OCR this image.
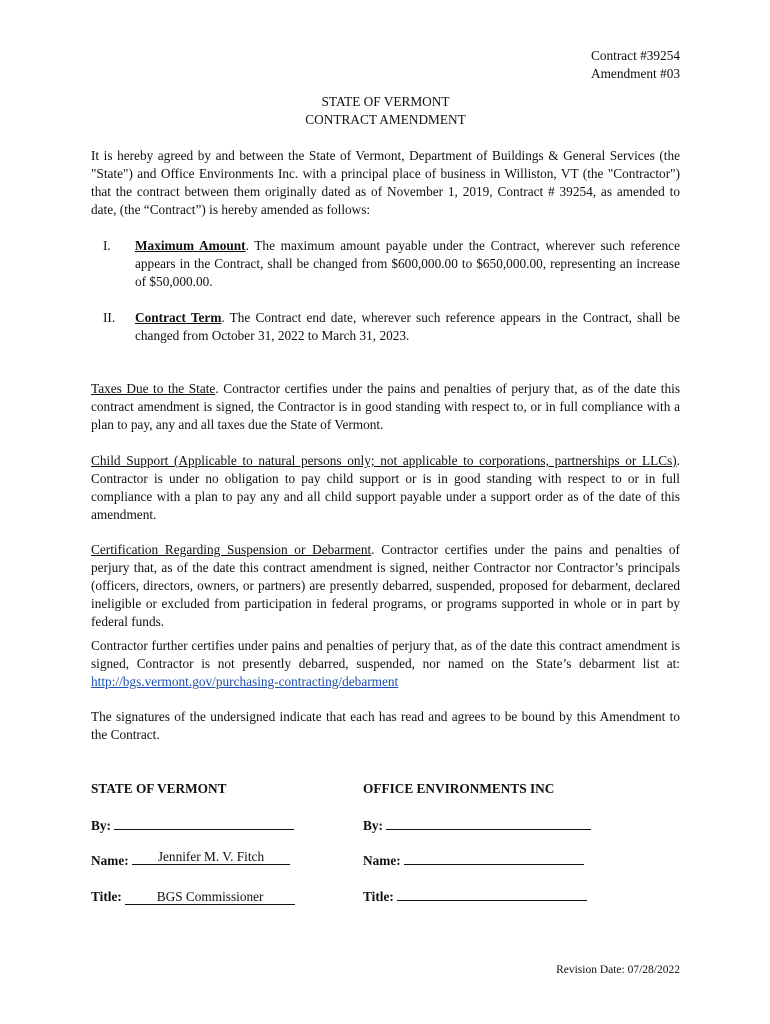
Contract #39254
Amendment #03
STATE OF VERMONT
CONTRACT AMENDMENT
It is hereby agreed by and between the State of Vermont, Department of Buildings & General Services (the "State") and Office Environments Inc. with a principal place of business in Williston, VT (the "Contractor") that the contract between them originally dated as of November 1, 2019, Contract # 39254, as amended to date, (the “Contract”) is hereby amended as follows:
I. Maximum Amount. The maximum amount payable under the Contract, wherever such reference appears in the Contract, shall be changed from $600,000.00 to $650,000.00, representing an increase of $50,000.00.
II. Contract Term. The Contract end date, wherever such reference appears in the Contract, shall be changed from October 31, 2022 to March 31, 2023.
Taxes Due to the State. Contractor certifies under the pains and penalties of perjury that, as of the date this contract amendment is signed, the Contractor is in good standing with respect to, or in full compliance with a plan to pay, any and all taxes due the State of Vermont.
Child Support (Applicable to natural persons only; not applicable to corporations, partnerships or LLCs). Contractor is under no obligation to pay child support or is in good standing with respect to or in full compliance with a plan to pay any and all child support payable under a support order as of the date of this amendment.
Certification Regarding Suspension or Debarment. Contractor certifies under the pains and penalties of perjury that, as of the date this contract amendment is signed, neither Contractor nor Contractor’s principals (officers, directors, owners, or partners) are presently debarred, suspended, proposed for debarment, declared ineligible or excluded from participation in federal programs, or programs supported in whole or in part by federal funds.
Contractor further certifies under pains and penalties of perjury that, as of the date this contract amendment is signed, Contractor is not presently debarred, suspended, nor named on the State’s debarment list at: http://bgs.vermont.gov/purchasing-contracting/debarment
The signatures of the undersigned indicate that each has read and agrees to be bound by this Amendment to the Contract.
STATE OF VERMONT
By:
Name:	Jennifer M. V. Fitch
Title:	BGS Commissioner
OFFICE ENVIRONMENTS INC
By:
Name:
Title:
Revision Date: 07/28/2022
